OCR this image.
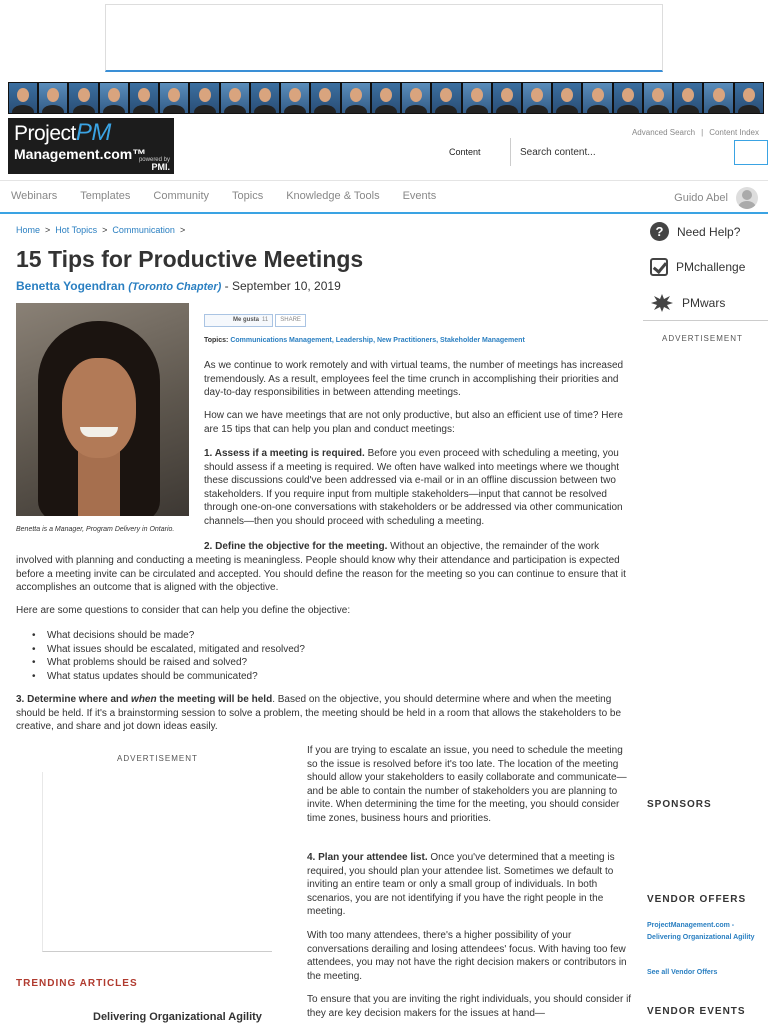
ProjectPM
Management.com™
powered by
PMI.
Advanced Search | Content Index
Content
Search content...
Webinars Templates Community Topics Knowledge & Tools Events	Guido Abel
Home > Hot Topics > Communication >
15 Tips for Productive Meetings
Benetta Yogendran (Toronto Chapter) - September 10, 2019
Benetta is a Manager, Program Delivery in Ontario.
Me gusta 11	SHARE
Topics: Communications Management, Leadership, New Practitioners, Stakeholder Management

As we continue to work remotely and with virtual teams, the number of meetings has increased tremendously. As a result, employees feel the time crunch in accomplishing their priorities and day-to-day responsibilities in between attending meetings.

How can we have meetings that are not only productive, but also an efficient use of time? Here are 15 tips that can help you plan and conduct meetings:

1. Assess if a meeting is required. Before you even proceed with scheduling a meeting, you should assess if a meeting is required. We often have walked into meetings where we thought these discussions could've been addressed via e-mail or in an offline discussion between two stakeholders. If you require input from multiple stakeholders—input that cannot be resolved through one-on-one conversations with stakeholders or be addressed via other communication channels—then you should proceed with scheduling a meeting.

2. Define the objective for the meeting. Without an objective, the remainder of the work

involved with planning and conducting a meeting is meaningless. People should know why their attendance and participation is expected before a meeting invite can be circulated and accepted. You should define the reason for the meeting so you can continue to ensure that it accomplishes an outcome that is aligned with the objective.

Here are some questions to consider that can help you define the objective:

• What decisions should be made?
• What issues should be escalated, mitigated and resolved?
• What problems should be raised and solved?
• What status updates should be communicated?

3. Determine where and when the meeting will be held. Based on the objective, you should determine where and when the meeting should be held. If it's a brainstorming session to solve a problem, the meeting should be held in a room that allows the stakeholders to be creative, and share and jot down ideas easily.

If you are trying to escalate an issue, you need to schedule the meeting so the issue is resolved before it's too late. The location of the meeting should allow your stakeholders to easily collaborate and communicate—and be able to contain the number of stakeholders you are planning to invite. When determining the time for the meeting, you should consider time zones, business hours and priorities.

4. Plan your attendee list. Once you've determined that a meeting is required, you should plan your attendee list. Sometimes we default to inviting an entire team or only a small group of individuals. In both scenarios, you are not identifying if you have the right people in the meeting.

With too many attendees, there's a higher possibility of your conversations derailing and losing attendees' focus. With having too few attendees, you may not have the right decision makers or contributors in the meeting.

To ensure that you are inviting the right individuals, you should consider if they are key decision makers for the issues at hand—

ADVERTISEMENT
TRENDING ARTICLES
Delivering Organizational Agility
?	Need Help?
PMchallenge
PMwars
ADVERTISEMENT
SPONSORS
VENDOR OFFERS
ProjectManagement.com - Delivering Organizational Agility
See all Vendor Offers
VENDOR EVENTS
